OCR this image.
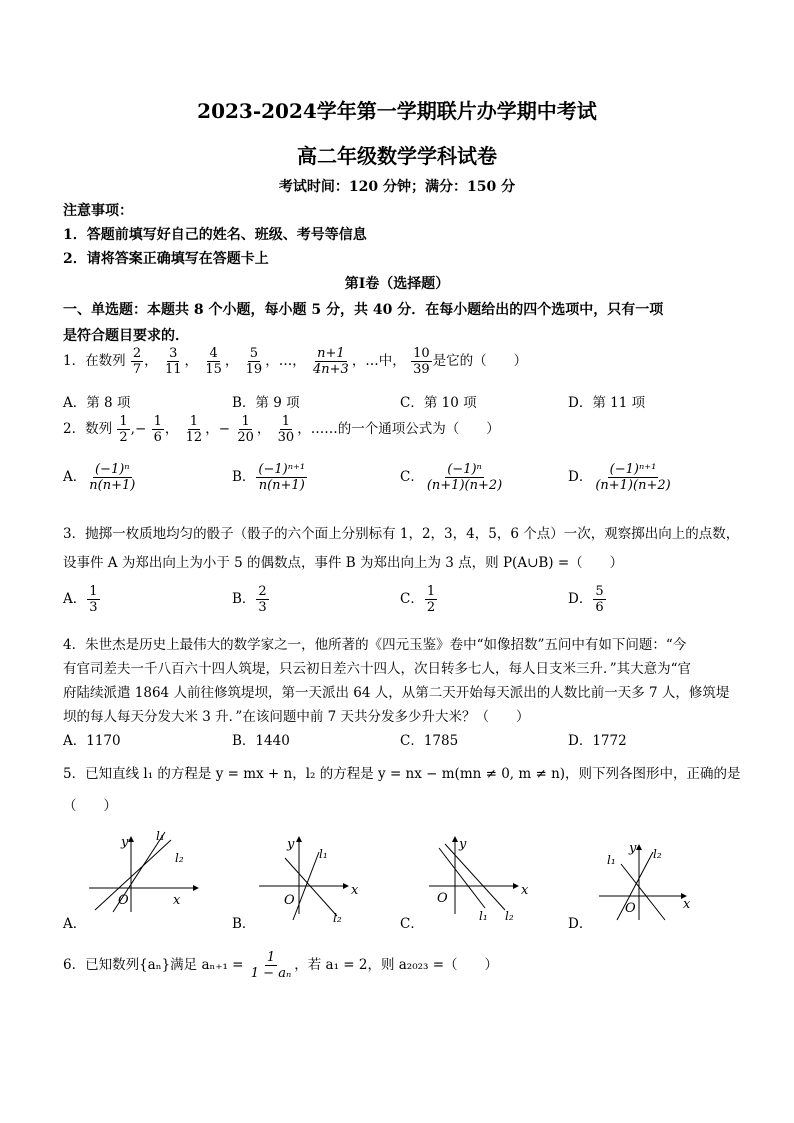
2023-2024学年第一学期联片办学期中考试
高二年级数学学科试卷
考试时间：120 分钟；满分：150 分
注意事项：
1．答题前填写好自己的姓名、班级、考号等信息
2．请将答案正确填写在答题卡上
第Ⅰ卷（选择题）
一、单选题：本题共 8 个小题，每小题 5 分，共 40 分．在每小题给出的四个选项中，只有一项
是符合题目要求的．
1．在数列 $\frac{2}{7}$ ， $\frac{3}{11}$ ， $\frac{4}{15}$ ， $\frac{5}{19}$ ，…， $\frac{n+1}{4n+3}$ ，…中， $\frac{10}{39}$ 是它的（　　）
A．第 8 项	B．第 9 项	C．第 10 项	D．第 11 项
2．数列 $\frac{1}{2}$ ,− $\frac{1}{6}$ ， $\frac{1}{12}$ ，− $\frac{1}{20}$ ， $\frac{1}{30}$ ，……的一个通项公式为（　　）
A． $\frac{\text{(−1)ⁿ}}{n(n+1)}$	B． $\frac{\text{(−1)ⁿ⁺¹}}{n(n+1)}$	C． $\frac{\text{(−1)ⁿ}}{(n+1)(n+2)}$	D． $\frac{\text{(−1)ⁿ⁺¹}}{(n+1)(n+2)}$
3．抛掷一枚质地均匀的骰子（骰子的六个面上分别标有 1，2，3，4，5，6 个点）一次，观察掷出向上的点数，
设事件 A 为郑出向上为小于 5 的偶数点，事件 B 为郑出向上为 3 点，则 P(A∪B) =（　　）
A． $\frac{1}{3}$	B． $\frac{2}{3}$	C． $\frac{1}{2}$	D． $\frac{5}{6}$
4．朱世杰是历史上最伟大的数学家之一，他所著的《四元玉鉴》卷中“如像招数”五问中有如下问题：“今
有官司差夫一千八百六十四人筑堤，只云初日差六十四人，次日转多七人，每人日支米三升．”其大意为“官
府陆续派遣 1864 人前往修筑堤坝，第一天派出 64 人，从第二天开始每天派出的人数比前一天多 7 人，修筑堤
坝的每人每天分发大米 3 升．”在该问题中前 7 天共分发多少升大米？（　　）
A．1170	B．1440	C．1785	D．1772
5．已知直线 l₁ 的方程是 y = mx + n，l₂ 的方程是 y = nx − m(mn ≠ 0, m ≠ n)，则下列各图形中，正确的是
（　　）
y
x
O
l₁
l₂
A．
y
x
O
l₁
l₂
B．
y
x
O
l₁ l₂
C．
y
x
O
l₁	l₂
D．
6．已知数列{aₙ}满足 $a_{n+1} = \frac{1}{\text{1 − aₙ}}$ ，若 a₁ = 2，则 a₂₀₂₃ =（　　）
